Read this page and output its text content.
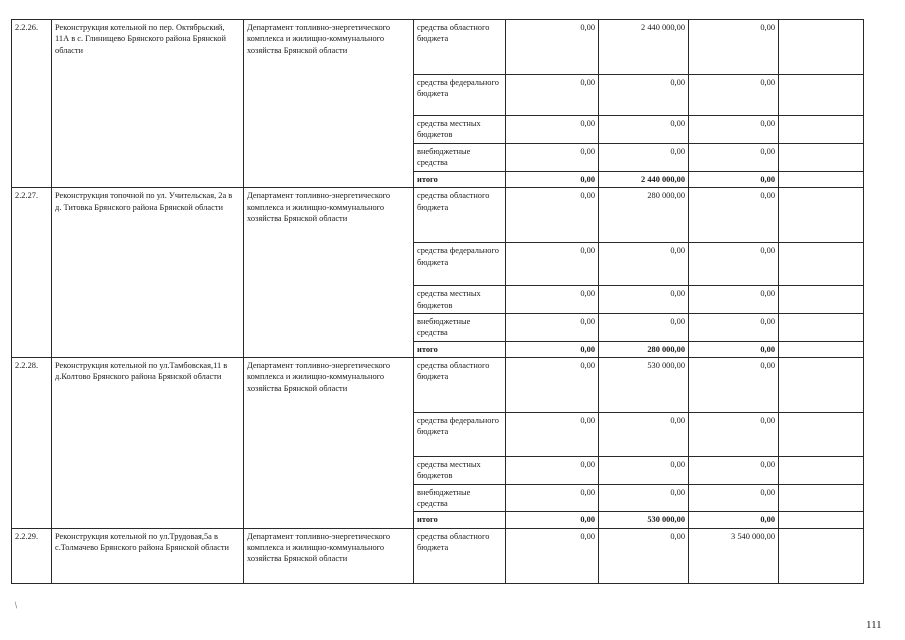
2.2.26.	Реконструкция котельной по пер. Октябрьский, 11А в с. Глинищево Брянского района Брянской области	Департамент топливно-энергетического комплекса и жилищно-коммунального хозяйства Брянской области	средства областного бюджета	0,00	2 440 000,00	0,00	
			средства федерального бюджета	0,00	0,00	0,00	
			средства местных бюджетов	0,00	0,00	0,00	
			внебюджетные средства	0,00	0,00	0,00	
			итого	0,00	2 440 000,00	0,00	
2.2.27.	Реконструкция топочной по ул. Учительская, 2а в д. Титовка Брянского района Брянской области	Департамент топливно-энергетического комплекса и жилищно-коммунального хозяйства Брянской области	средства областного бюджета	0,00	280 000,00	0,00	
			средства федерального бюджета	0,00	0,00	0,00	
			средства местных бюджетов	0,00	0,00	0,00	
			внебюджетные средства	0,00	0,00	0,00	
			итого	0,00	280 000,00	0,00	
2.2.28.	Реконструкция котельной по ул.Тамбовская,11 в д.Колтово Брянского района Брянской области	Департамент топливно-энергетического комплекса и жилищно-коммунального хозяйства Брянской области	средства областного бюджета	0,00	530 000,00	0,00	
			средства федерального бюджета	0,00	0,00	0,00	
			средства местных бюджетов	0,00	0,00	0,00	
			внебюджетные средства	0,00	0,00	0,00	
			итого	0,00	530 000,00	0,00	
2.2.29.	Реконструкция котельной по ул.Трудовая,5а в с.Толмачево Брянского района Брянской области	Департамент топливно-энергетического комплекса и жилищно-коммунального хозяйства Брянской области	средства областного бюджета	0,00	0,00	3 540 000,00	
/
111
